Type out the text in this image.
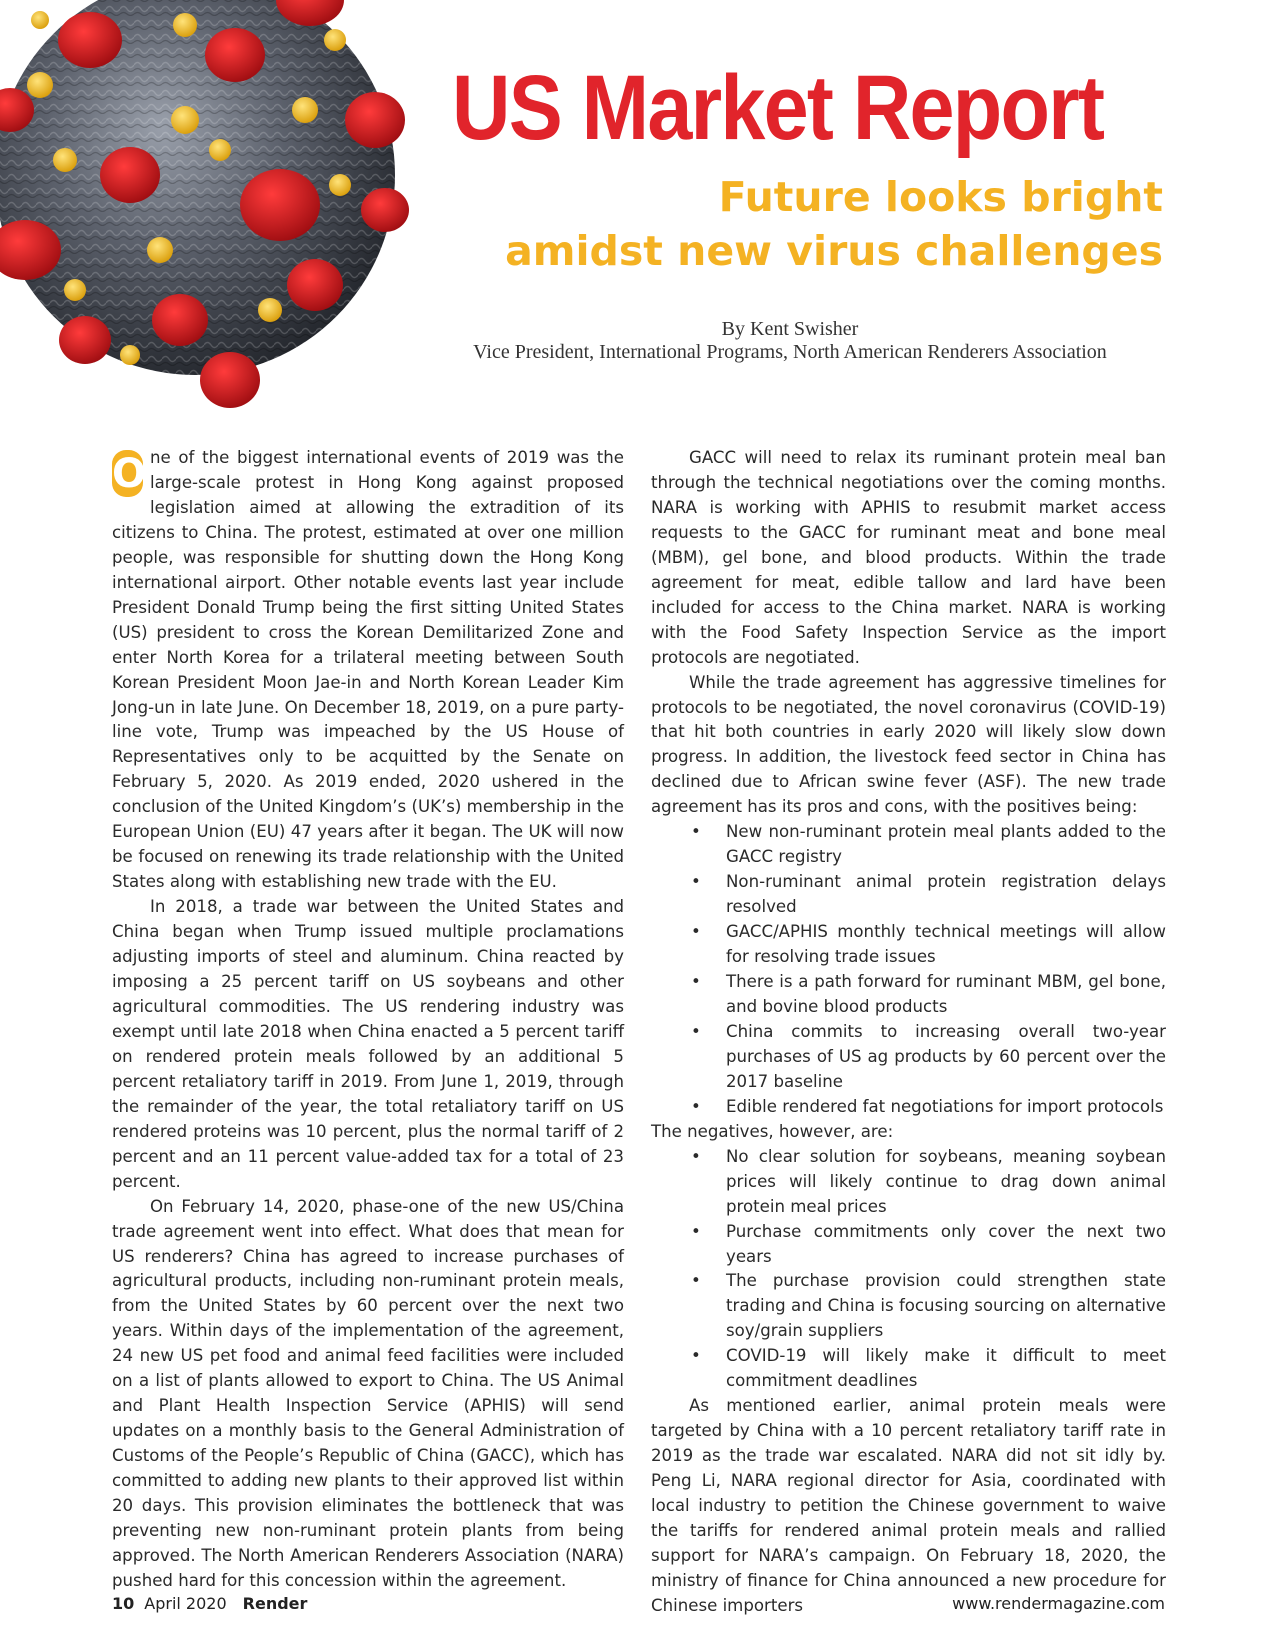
US Market Report
Future looks bright
amidst new virus challenges
By Kent Swisher
Vice President, International Programs, North American Renderers Association

O ne of the biggest international events of 2019 was the large-scale protest in Hong Kong against proposed legislation aimed at allowing the extradition of its citizens to China. The protest, estimated at over one million people, was responsible for shutting down the Hong Kong international airport. Other notable events last year include President Donald Trump being the first sitting United States (US) president to cross the Korean Demilitarized Zone and enter North Korea for a trilateral meeting between South Korean President Moon Jae-in and North Korean Leader Kim Jong-un in late June. On December 18, 2019, on a pure party-line vote, Trump was impeached by the US House of Representatives only to be acquitted by the Senate on February 5, 2020. As 2019 ended, 2020 ushered in the conclusion of the United Kingdom’s (UK’s) membership in the European Union (EU) 47 years after it began. The UK will now be focused on renewing its trade relationship with the United States along with establishing new trade with the EU.

In 2018, a trade war between the United States and China began when Trump issued multiple proclamations adjusting imports of steel and aluminum. China reacted by imposing a 25 percent tariff on US soybeans and other agricultural commodities. The US rendering industry was exempt until late 2018 when China enacted a 5 percent tariff on rendered protein meals followed by an additional 5 percent retaliatory tariff in 2019. From June 1, 2019, through the remainder of the year, the total retaliatory tariff on US rendered proteins was 10 percent, plus the normal tariff of 2 percent and an 11 percent value-added tax for a total of 23 percent.

On February 14, 2020, phase-one of the new US/China trade agreement went into effect. What does that mean for US renderers? China has agreed to increase purchases of agricultural products, including non-ruminant protein meals, from the United States by 60 percent over the next two years. Within days of the implementation of the agreement, 24 new US pet food and animal feed facilities were included on a list of plants allowed to export to China. The US Animal and Plant Health Inspection Service (APHIS) will send updates on a monthly basis to the General Administration of Customs of the People’s Republic of China (GACC), which has committed to adding new plants to their approved list within 20 days. This provision eliminates the bottleneck that was preventing new non-ruminant protein plants from being approved. The North American Renderers Association (NARA) pushed hard for this concession within the agreement.

GACC will need to relax its ruminant protein meal ban through the technical negotiations over the coming months. NARA is working with APHIS to resubmit market access requests to the GACC for ruminant meat and bone meal (MBM), gel bone, and blood products. Within the trade agreement for meat, edible tallow and lard have been included for access to the China market. NARA is working with the Food Safety Inspection Service as the import protocols are negotiated.

While the trade agreement has aggressive timelines for protocols to be negotiated, the novel coronavirus (COVID-19) that hit both countries in early 2020 will likely slow down progress. In addition, the livestock feed sector in China has declined due to African swine fever (ASF). The new trade agreement has its pros and cons, with the positives being:

• New non-ruminant protein meal plants added to the GACC registry
• Non-ruminant animal protein registration delays resolved
• GACC/APHIS monthly technical meetings will allow for resolving trade issues
• There is a path forward for ruminant MBM, gel bone, and bovine blood products
• China commits to increasing overall two-year purchases of US ag products by 60 percent over the 2017 baseline
• Edible rendered fat negotiations for import protocols
The negatives, however, are:
• No clear solution for soybeans, meaning soybean prices will likely continue to drag down animal protein meal prices
• Purchase commitments only cover the next two years
• The purchase provision could strengthen state trading and China is focusing sourcing on alternative soy/grain suppliers
• COVID-19 will likely make it difficult to meet commitment deadlines

As mentioned earlier, animal protein meals were targeted by China with a 10 percent retaliatory tariff rate in 2019 as the trade war escalated. NARA did not sit idly by. Peng Li, NARA regional director for Asia, coordinated with local industry to petition the Chinese government to waive the tariffs for rendered animal protein meals and rallied support for NARA’s campaign. On February 18, 2020, the ministry of finance for China announced a new procedure for Chinese importers

10 April 2020 Render	www.rendermagazine.com
